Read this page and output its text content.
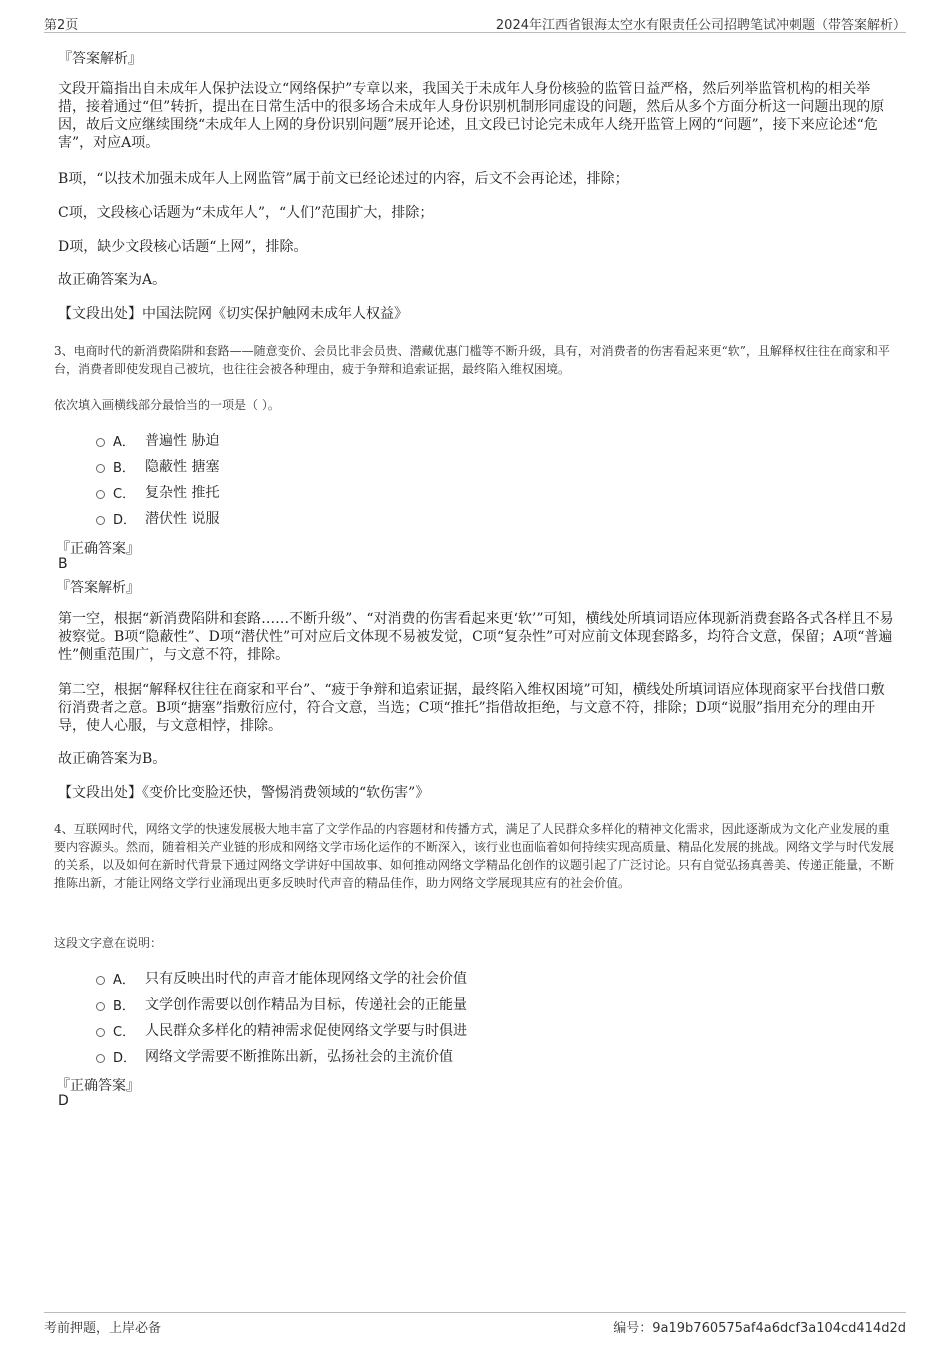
第2页	2024年江西省银海太空水有限责任公司招聘笔试冲刺题（带答案解析）
『答案解析』
文段开篇指出自未成年人保护法设立“网络保护”专章以来，我国关于未成年人身份核验的监管日益严格，然后列举监管机构的相关举措，接着通过“但”转折，提出在日常生活中的很多场合未成年人身份识别机制形同虚设的问题，然后从多个方面分析这一问题出现的原因，故后文应继续围绕“未成年人上网的身份识别问题”展开论述，且文段已讨论完未成年人绕开监管上网的“问题”，接下来应论述“危害”，对应A项。
B项，“以技术加强未成年人上网监管”属于前文已经论述过的内容，后文不会再论述，排除；
C项，文段核心话题为“未成年人”，“人们”范围扩大，排除；
D项，缺少文段核心话题“上网”，排除。
故正确答案为A。
【文段出处】中国法院网《切实保护触网未成年人权益》
3、电商时代的新消费陷阱和套路——随意变价、会员比非会员贵、潜藏优惠门槛等不断升级，具有，对消费者的伤害看起来更“软”，且解释权往往在商家和平台，消费者即使发现自己被坑，也往往会被各种理由，疲于争辩和追索证据，最终陷入维权困境。
依次填入画横线部分最恰当的一项是（ ）。
A． 普遍性 胁迫
B． 隐蔽性 搪塞
C． 复杂性 推托
D． 潜伏性 说服
『正确答案』
B
『答案解析』
第一空，根据“新消费陷阱和套路……不断升级”、“对消费的伤害看起来更‘软’”可知，横线处所填词语应体现新消费套路各式各样且不易被察觉。B项“隐蔽性”、D项“潜伏性”可对应后文体现不易被发觉，C项“复杂性”可对应前文体现套路多，均符合文意，保留；A项“普遍性”侧重范围广，与文意不符，排除。
第二空，根据“解释权往往在商家和平台”、“疲于争辩和追索证据，最终陷入维权困境”可知，横线处所填词语应体现商家平台找借口敷衍消费者之意。B项“搪塞”指敷衍应付，符合文意，当选；C项“推托”指借故拒绝，与文意不符，排除；D项“说服”指用充分的理由开导，使人心服，与文意相悖，排除。
故正确答案为B。
【文段出处】《变价比变脸还快，警惕消费领域的“软伤害”》
4、互联网时代，网络文学的快速发展极大地丰富了文学作品的内容题材和传播方式，满足了人民群众多样化的精神文化需求，因此逐渐成为文化产业发展的重要内容源头。然而，随着相关产业链的形成和网络文学市场化运作的不断深入，该行业也面临着如何持续实现高质量、精品化发展的挑战。网络文学与时代发展的关系，以及如何在新时代背景下通过网络文学讲好中国故事、如何推动网络文学精品化创作的议题引起了广泛讨论。只有自觉弘扬真善美、传递正能量，不断推陈出新，才能让网络文学行业涌现出更多反映时代声音的精品佳作，助力网络文学展现其应有的社会价值。
这段文字意在说明：
A． 只有反映出时代的声音才能体现网络文学的社会价值
B． 文学创作需要以创作精品为目标，传递社会的正能量
C． 人民群众多样化的精神需求促使网络文学要与时俱进
D． 网络文学需要不断推陈出新，弘扬社会的主流价值
『正确答案』
D
考前押题，上岸必备	编号：9a19b760575af4a6dcf3a104cd414d2d
